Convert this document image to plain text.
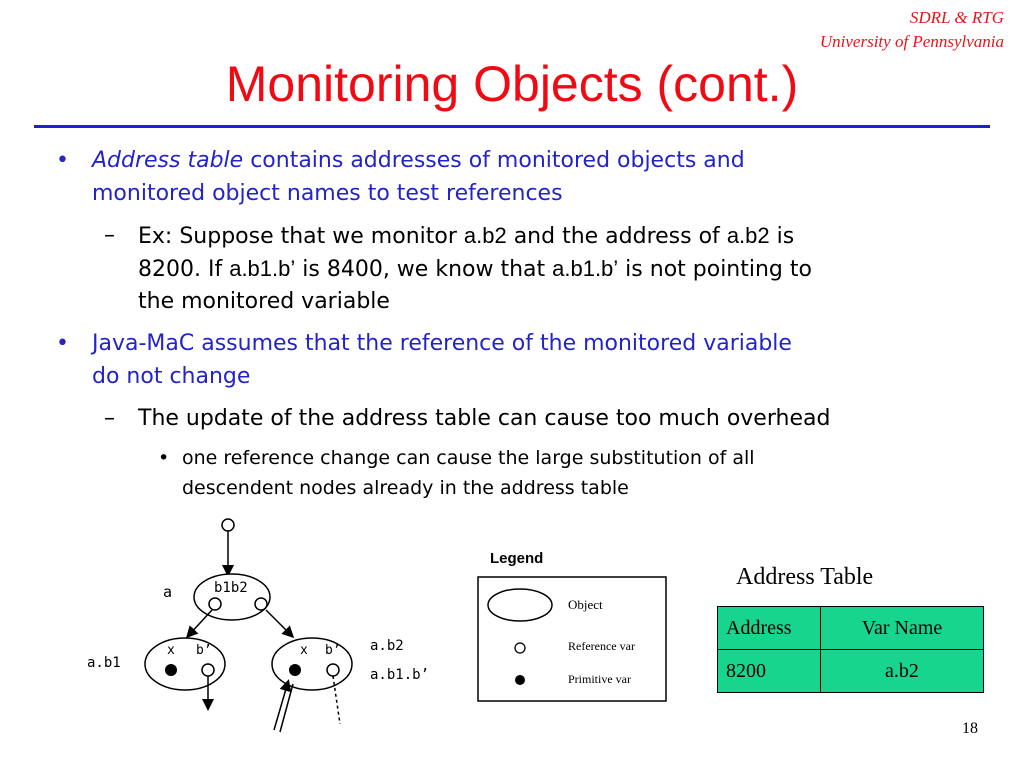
SDRL & RTG
University of Pennsylvania
Monitoring Objects (cont.)
• Address table contains addresses of monitored objects and
monitored object names to test references
– Ex: Suppose that we monitor a.b2 and the address of a.b2 is
8200. If a.b1.b’ is 8400, we know that a.b1.b’ is not pointing to
the monitored variable
• Java-MaC assumes that the reference of the monitored variable
do not change
– The update of the address table can cause too much overhead
• one reference change can cause the large substitution of all
descendent nodes already in the address table
a	b1b2
a.b1
x b’	x b’ a.b2
a.b1.b’
Legend
Object
Reference var
Primitive var
Address Table
Address	Var Name
8200	a.b2
18
